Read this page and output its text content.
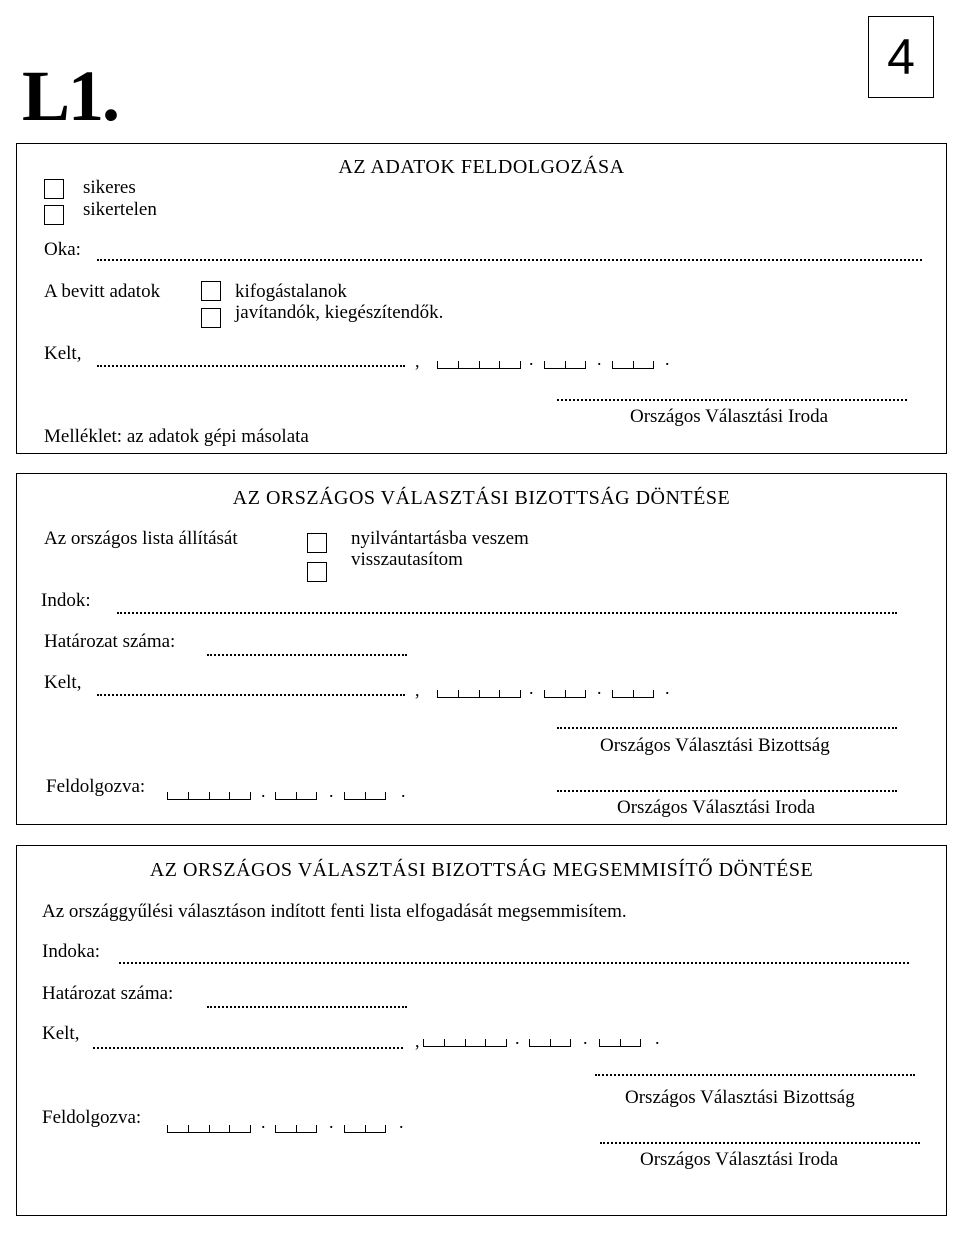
L1.	4
AZ ADATOK FELDOLGOZÁSA
sikeres
sikertelen
Oka:
A bevitt adatok	kifogástalanok
javítandók, kiegészítendők.
Kelt,	,	.	.	.
Országos Választási Iroda
Melléklet: az adatok gépi másolata
AZ ORSZÁGOS VÁLASZTÁSI BIZOTTSÁG DÖNTÉSE
Az országos lista állítását	nyilvántartásba veszem
visszautasítom
Indok:
Határozat száma:
Kelt,	,	.	.	.
Országos Választási Bizottság
Feldolgozva:	.	.	.
Országos Választási Iroda
AZ ORSZÁGOS VÁLASZTÁSI BIZOTTSÁG MEGSEMMISÍTŐ DÖNTÉSE
Az országgyűlési választáson indított fenti lista elfogadását megsemmisítem.
Indoka:
Határozat száma:
Kelt,	,	.	.	.
Országos Választási Bizottság
Feldolgozva:	.	.	.
Országos Választási Iroda
